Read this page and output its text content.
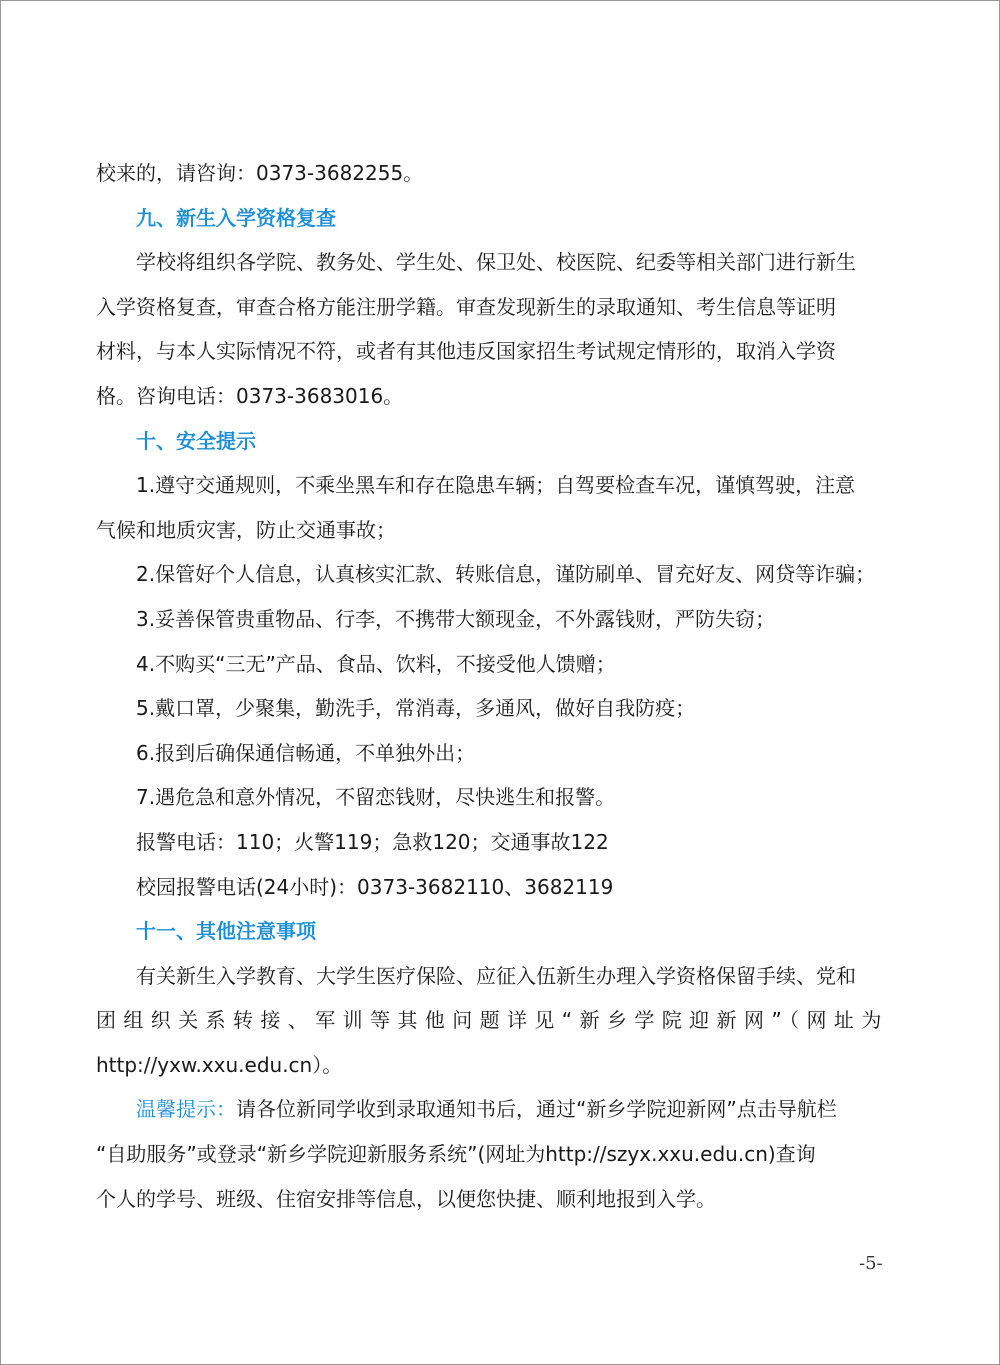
校来的，请咨询：0373-3682255。
九、新生入学资格复查
学校将组织各学院、教务处、学生处、保卫处、校医院、纪委等相关部门进行新生
入学资格复查，审查合格方能注册学籍。审查发现新生的录取通知、考生信息等证明
材料，与本人实际情况不符，或者有其他违反国家招生考试规定情形的，取消入学资
格。咨询电话：0373-3683016。
十、安全提示
1.遵守交通规则，不乘坐黑车和存在隐患车辆；自驾要检查车况，谨慎驾驶，注意
气候和地质灾害，防止交通事故；
2.保管好个人信息，认真核实汇款、转账信息，谨防刷单、冒充好友、网贷等诈骗；
3.妥善保管贵重物品、行李，不携带大额现金，不外露钱财，严防失窃；
4.不购买“三无”产品、食品、饮料，不接受他人馈赠；
5.戴口罩，少聚集，勤洗手，常消毒，多通风，做好自我防疫；
6.报到后确保通信畅通，不单独外出；
7.遇危急和意外情况，不留恋钱财，尽快逃生和报警。
报警电话：110；火警119；急救120；交通事故122
校园报警电话(24小时)：0373-3682110、3682119
十一、其他注意事项
有关新生入学教育、大学生医疗保险、应征入伍新生办理入学资格保留手续、党和
团组织关系转接、军训等其他问题详见“新乡学院迎新网”（网址为
http://yxw.xxu.edu.cn）。
温馨提示：请各位新同学收到录取通知书后，通过“新乡学院迎新网”点击导航栏
“自助服务”或登录“新乡学院迎新服务系统”(网址为http://szyx.xxu.edu.cn)查询
个人的学号、班级、住宿安排等信息，以便您快捷、顺利地报到入学。
-5-
